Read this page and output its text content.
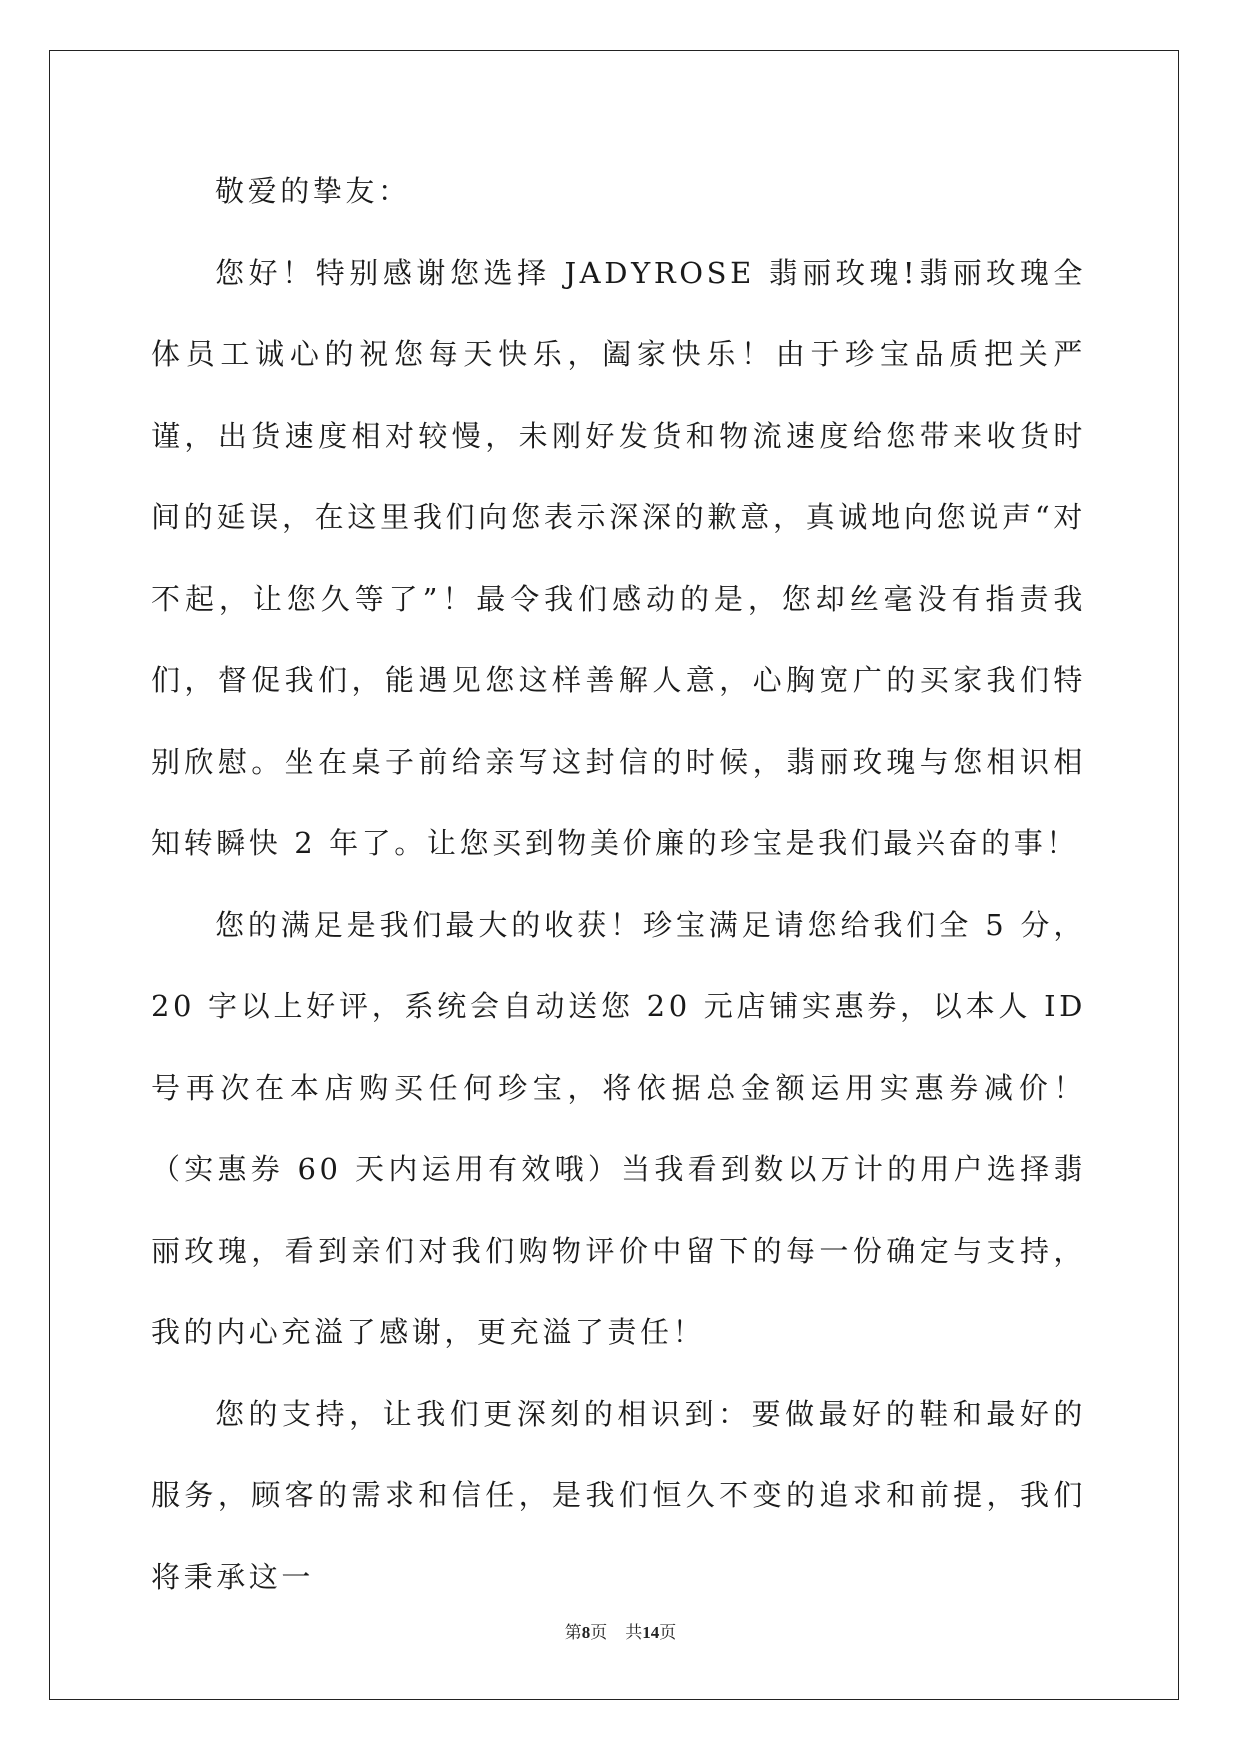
敬爱的挚友：

您好！特别感谢您选择 JADYROSE 翡丽玫瑰!翡丽玫瑰全体员工诚心的祝您每天快乐，阖家快乐！由于珍宝品质把关严谨，出货速度相对较慢，未刚好发货和物流速度给您带来收货时间的延误，在这里我们向您表示深深的歉意，真诚地向您说声“对不起，让您久等了”！最令我们感动的是，您却丝毫没有指责我们，督促我们，能遇见您这样善解人意，心胸宽广的买家我们特别欣慰。坐在桌子前给亲写这封信的时候，翡丽玫瑰与您相识相知转瞬快 2 年了。让您买到物美价廉的珍宝是我们最兴奋的事！

您的满足是我们最大的收获！珍宝满足请您给我们全 5 分，20 字以上好评，系统会自动送您 20 元店铺实惠券，以本人 ID 号再次在本店购买任何珍宝，将依据总金额运用实惠券减价！（实惠券 60 天内运用有效哦）当我看到数以万计的用户选择翡丽玫瑰，看到亲们对我们购物评价中留下的每一份确定与支持，我的内心充溢了感谢，更充溢了责任！

您的支持，让我们更深刻的相识到：要做最好的鞋和最好的服务，顾客的需求和信任，是我们恒久不变的追求和前提，我们将秉承这一

第8页 共14页
